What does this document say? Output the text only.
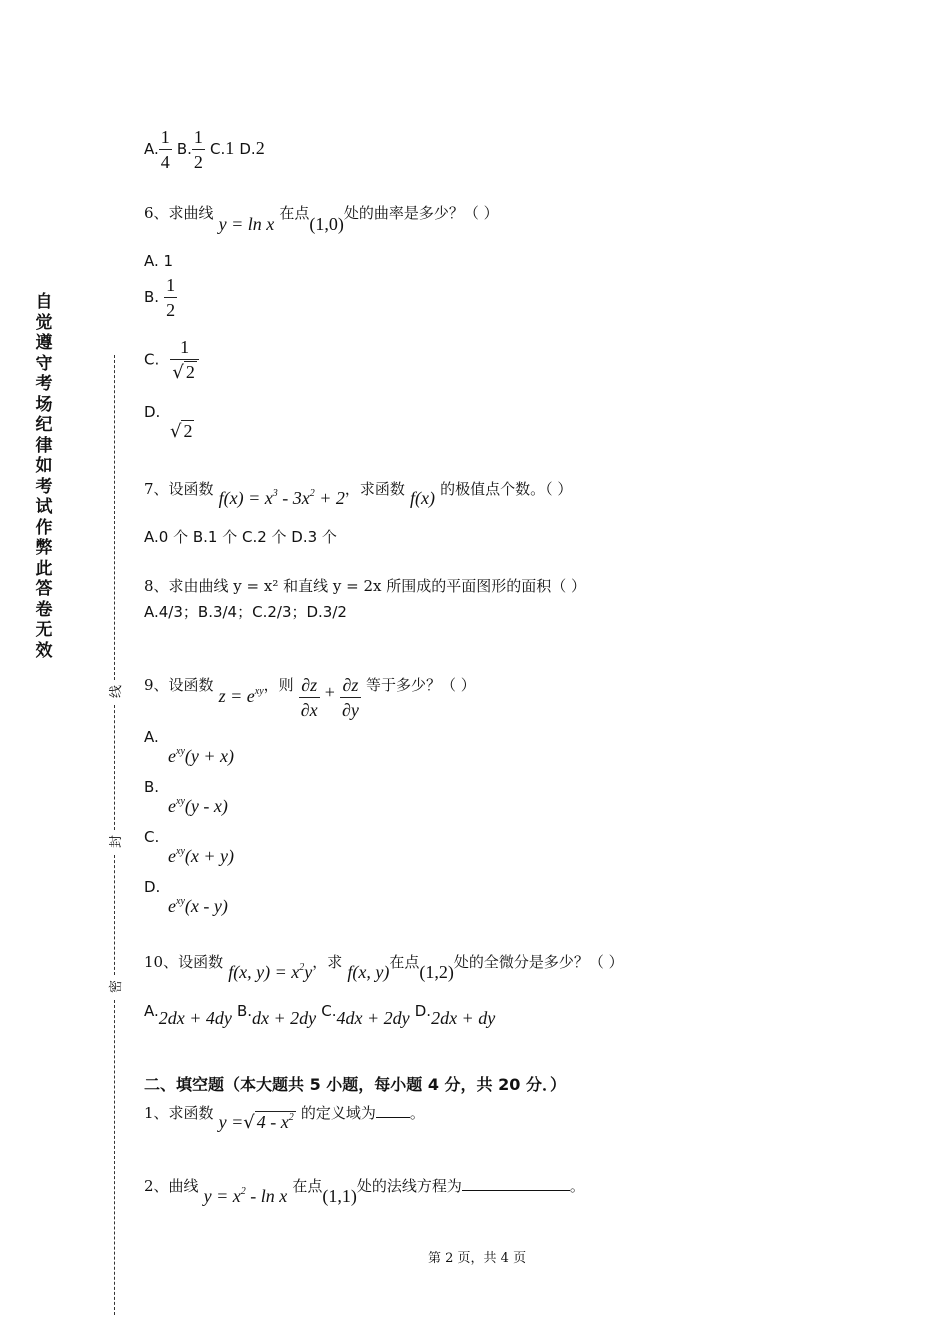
自觉遵守考场纪律如考试作弊此答卷无效
线
封
密
A. $\frac{1}{4} B$. $\frac{1}{2} C.1$ D.2
6、求曲线 y = ln x 在点(1,0)处的曲率是多少？（ ）
A. 1
B. $\frac{1}{2}$
C. $\frac{1}{√ 2}$
D.
√ 2
7、设函数 $f(x) = x^3 - 3x^2 + 2$，求函数 f(x) 的极值点个数。（ ）
A.0 个 B.1 个 C.2 个 D.3 个
8、求由曲线 y = x² 和直线 y = 2x 所围成的平面图形的面积（ ）
A.4/3；B.3/4；C.2/3；D.3/2
9、设函数 $z = e^{xy}$，则 $\frac{\partial z}{\partial x} + \frac{\partial z}{\partial y}$ 等于多少？（ ）
A.
$e^{xy}(y + x)$
B.
$e^{xy}(y - x)$
C.
$e^{xy}(x + y)$
D.
$e^{xy}(x - y)$
10、设函数 f(x, $y) = x^2y$，求 f(x, y)在点(1,2)处的全微分是多少？（ ）
A.2dx + 4dy B.dx + 2dy C.4dx + 2dy D.2dx + dy
二、填空题（本大题共 5 小题，每小题 4 分，共 20 分．）
1、求函数 y =√ $4 - x^2$ 的定义域为 。
2、曲线 $y = x^2 - \ln x$ 在点(1,1)处的法线方程为	。
第 2 页，共 4 页
